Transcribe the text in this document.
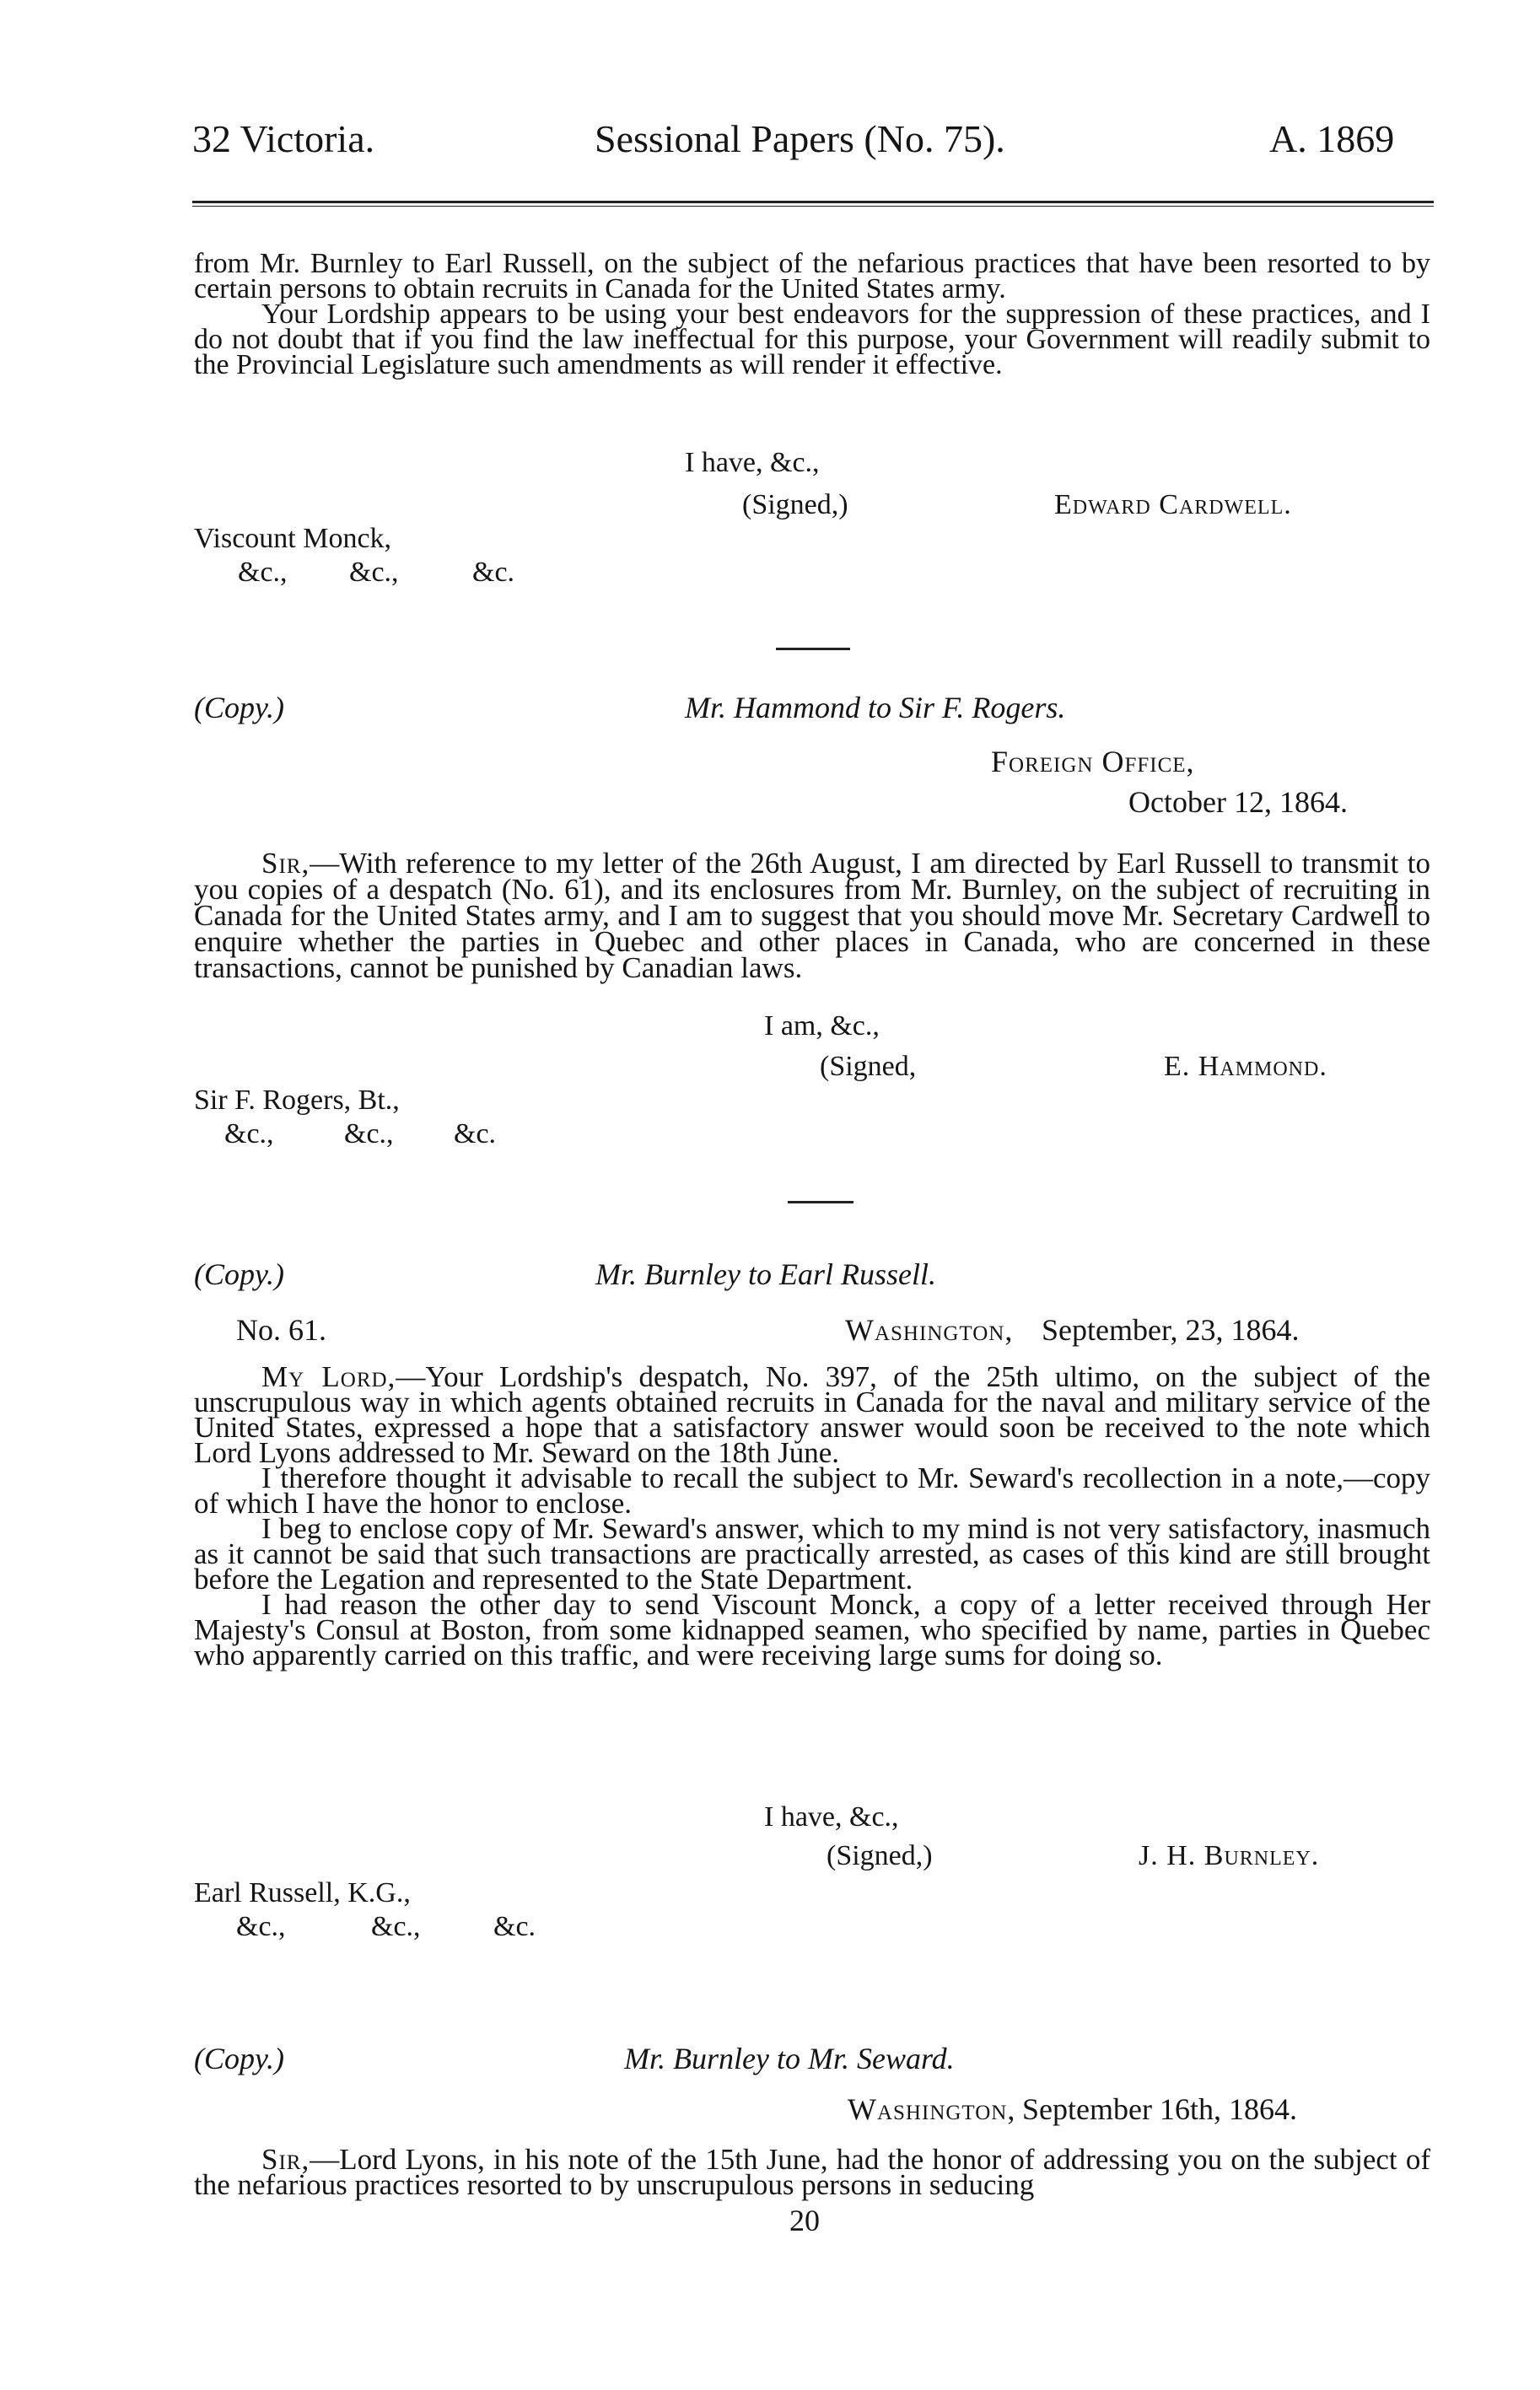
32 Victoria.	Sessional Papers (No. 75).	A. 1869

from Mr. Burnley to Earl Russell, on the subject of the nefarious practices that have been resorted to by certain persons to obtain recruits in Canada for the United States army.

Your Lordship appears to be using your best endeavors for the suppression of these practices, and I do not doubt that if you find the law ineffectual for this purpose, your Government will readily submit to the Provincial Legislature such amendments as will render it effective.

I have, &c.,
(Signed,)	Edward Cardwell.
Viscount Monck,
&c., &c.,	&c.
(Copy.)	Mr. Hammond to Sir F. Rogers.
Foreign Office,
October 12, 1864.

Sir,—With reference to my letter of the 26th August, I am directed by Earl Russell to transmit to you copies of a despatch (No. 61), and its enclosures from Mr. Burnley, on the subject of recruiting in Canada for the United States army, and I am to suggest that you should move Mr. Secretary Cardwell to enquire whether the parties in Quebec and other places in Canada, who are concerned in these transactions, cannot be punished by Canadian laws.

I am, &c.,
(Signed,	E. Hammond.
Sir F. Rogers, Bt.,
&c., &c., &c.
(Copy.)	Mr. Burnley to Earl Russell.
No. 61.	Washington, September, 23, 1864.

My Lord,—Your Lordship's despatch, No. 397, of the 25th ultimo, on the subject of the unscrupulous way in which agents obtained recruits in Canada for the naval and military service of the United States, expressed a hope that a satisfactory answer would soon be received to the note which Lord Lyons addressed to Mr. Seward on the 18th June.

I therefore thought it advisable to recall the subject to Mr. Seward's recollection in a note,—copy of which I have the honor to enclose.

I beg to enclose copy of Mr. Seward's answer, which to my mind is not very satisfactory, inasmuch as it cannot be said that such transactions are practically arrested, as cases of this kind are still brought before the Legation and represented to the State Department.

I had reason the other day to send Viscount Monck, a copy of a letter received through Her Majesty's Consul at Boston, from some kidnapped seamen, who specified by name, parties in Quebec who apparently carried on this traffic, and were receiving large sums for doing so.

I have, &c.,
(Signed,)	J. H. Burnley.
Earl Russell, K.G.,
&c.,	&c.,	&c.
(Copy.)	Mr. Burnley to Mr. Seward.
Washington, September 16th, 1864.

Sir,—Lord Lyons, in his note of the 15th June, had the honor of addressing you on the subject of the nefarious practices resorted to by unscrupulous persons in seducing

20
